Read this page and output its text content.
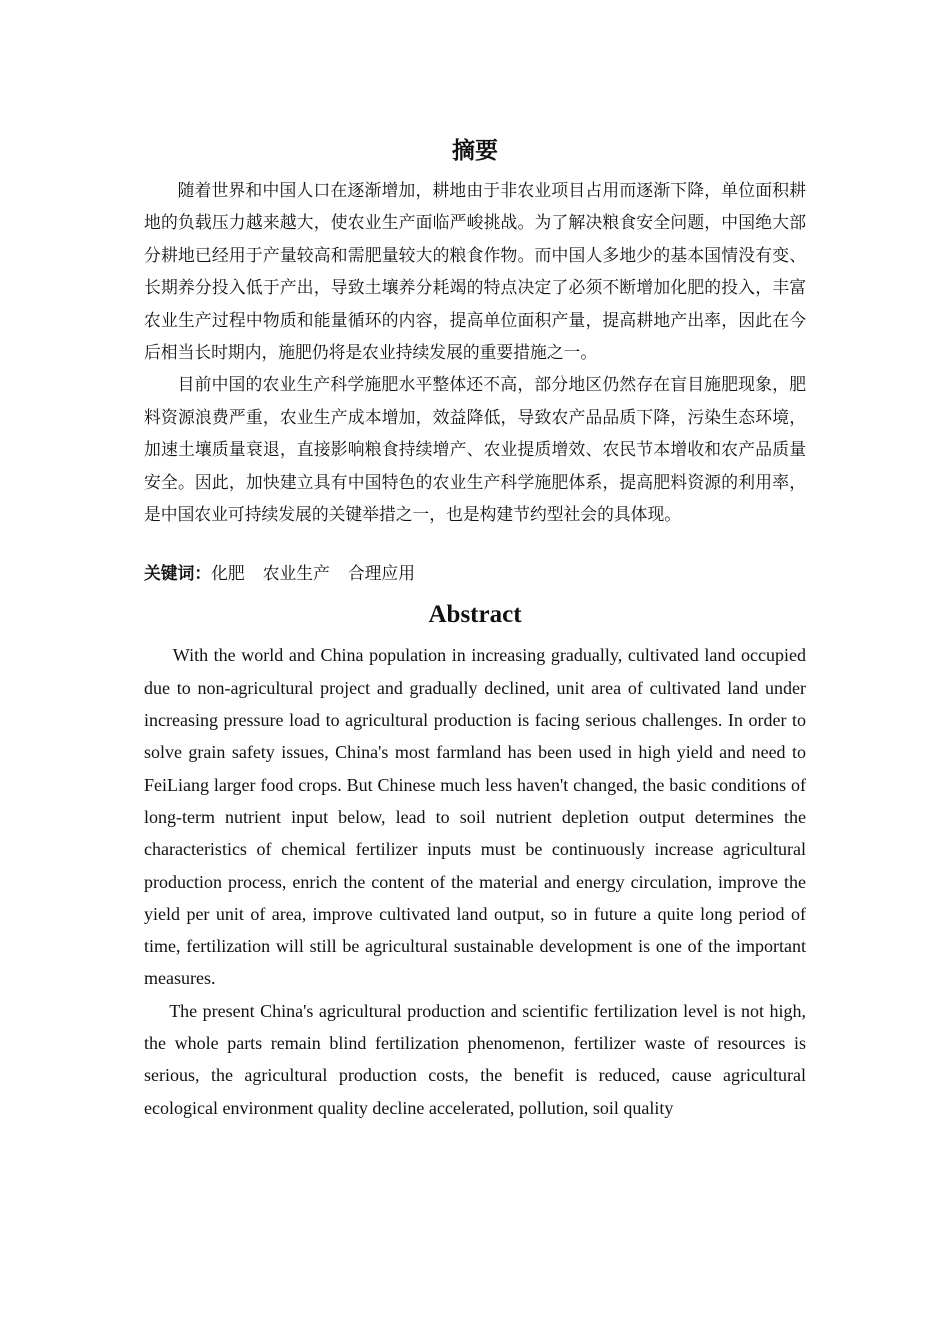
摘要

随着世界和中国人口在逐渐增加，耕地由于非农业项目占用而逐渐下降，单位面积耕地的负载压力越来越大，使农业生产面临严峻挑战。为了解决粮食安全问题，中国绝大部分耕地已经用于产量较高和需肥量较大的粮食作物。而中国人多地少的基本国情没有变、长期养分投入低于产出，导致土壤养分耗竭的特点决定了必须不断增加化肥的投入，丰富农业生产过程中物质和能量循环的内容，提高单位面积产量，提高耕地产出率，因此在今后相当长时期内，施肥仍将是农业持续发展的重要措施之一。

目前中国的农业生产科学施肥水平整体还不高，部分地区仍然存在盲目施肥现象，肥料资源浪费严重，农业生产成本增加，效益降低，导致农产品品质下降，污染生态环境，加速土壤质量衰退，直接影响粮食持续增产、农业提质增效、农民节本增收和农产品质量安全。因此，加快建立具有中国特色的农业生产科学施肥体系，提高肥料资源的利用率，是中国农业可持续发展的关键举措之一，也是构建节约型社会的具体现。

关键词：化肥 农业生产 合理应用
Abstract

With the world and China population in increasing gradually, cultivated land occupied due to non-agricultural project and gradually declined, unit area of cultivated land under increasing pressure load to agricultural production is facing serious challenges. In order to solve grain safety issues, China's most farmland has been used in high yield and need to FeiLiang larger food crops. But Chinese much less haven't changed, the basic conditions of long-term nutrient input below, lead to soil nutrient depletion output determines the characteristics of chemical fertilizer inputs must be continuously increase agricultural production process, enrich the content of the material and energy circulation, improve the yield per unit of area, improve cultivated land output, so in future a quite long period of time, fertilization will still be agricultural sustainable development is one of the important measures.

The present China's agricultural production and scientific fertilization level is not high, the whole parts remain blind fertilization phenomenon, fertilizer waste of resources is serious, the agricultural production costs, the benefit is reduced, cause agricultural ecological environment quality decline accelerated, pollution, soil quality
